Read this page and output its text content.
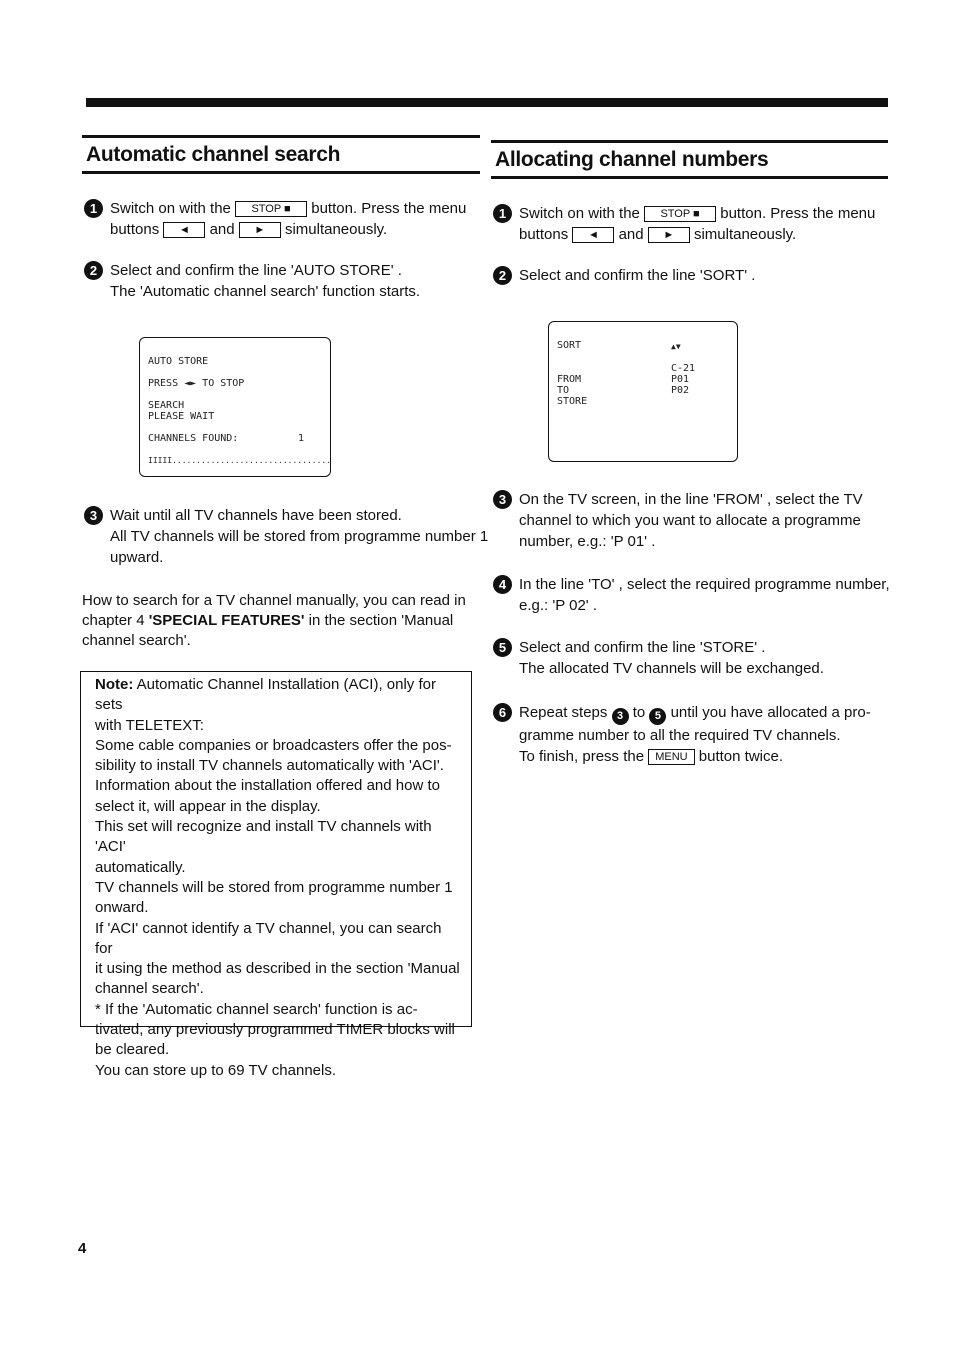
Automatic channel search
1 Switch on with the STOP ■ button. Press the menu
buttons ◄ and ► simultaneously.
2 Select and confirm the line 'AUTO STORE' .
The 'Automatic channel search' function starts.
AUTO STORE
PRESS ◄► TO STOP
SEARCH
PLEASE WAIT
CHANNELS FOUND:	1
IIIII.................................
3 Wait until all TV channels have been stored.
All TV channels will be stored from programme number 1
upward.
How to search for a TV channel manually, you can read in
chapter 4 'SPECIAL FEATURES' in the section 'Manual
channel search'.

Note: Automatic Channel Installation (ACI), only for sets

with TELETEXT:

Some cable companies or broadcasters offer the pos-

sibility to install TV channels automatically with 'ACI'.

Information about the installation offered and how to

select it, will appear in the display.

This set will recognize and install TV channels with 'ACI'

automatically.

TV channels will be stored from programme number 1

onward.

If 'ACI' cannot identify a TV channel, you can search for

it using the method as described in the section 'Manual

channel search'.

* If the 'Automatic channel search' function is ac-

tivated, any previously programmed TIMER blocks will

be cleared.

You can store up to 69 TV channels.

Allocating channel numbers
1 Switch on with the STOP ■ button. Press the menu
buttons ◄ and ► simultaneously.
2 Select and confirm the line 'SORT' .
SORT	▲▼
C-21
FROM	P01
TO	P02
STORE
3 On the TV screen, in the line 'FROM' , select the TV
channel to which you want to allocate a programme
number, e.g.: 'P 01' .
4 In the line 'TO' , select the required programme number,
e.g.: 'P 02' .
5 Select and confirm the line 'STORE' .
The allocated TV channels will be exchanged.
6 Repeat steps 3 to 5 until you have allocated a pro-
gramme number to all the required TV channels.
To finish, press the MENU button twice.
4
